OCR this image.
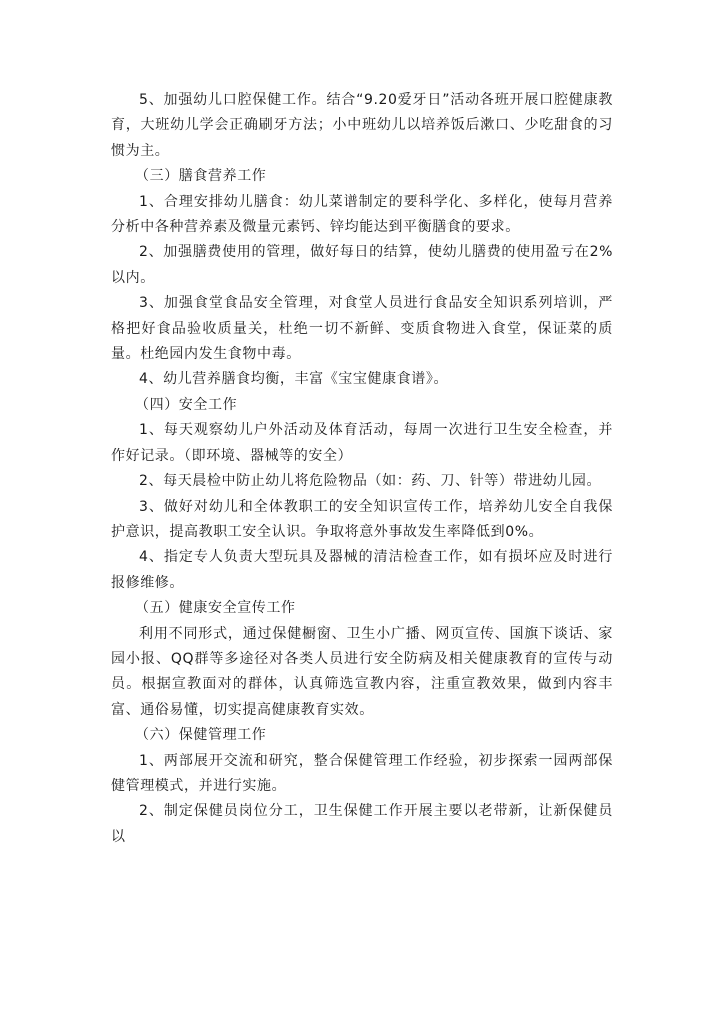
5、加强幼儿口腔保健工作。结合“9.20爱牙日”活动各班开展口腔健康教育，大班幼儿学会正确刷牙方法；小中班幼儿以培养饭后漱口、少吃甜食的习惯为主。

（三）膳食营养工作

1、合理安排幼儿膳食：幼儿菜谱制定的要科学化、多样化，使每月营养分析中各种营养素及微量元素钙、锌均能达到平衡膳食的要求。

2、加强膳费使用的管理，做好每日的结算，使幼儿膳费的使用盈亏在2%以内。

3、加强食堂食品安全管理，对食堂人员进行食品安全知识系列培训，严格把好食品验收质量关，杜绝一切不新鲜、变质食物进入食堂，保证菜的质量。杜绝园内发生食物中毒。

4、幼儿营养膳食均衡，丰富《宝宝健康食谱》。

（四）安全工作

1、每天观察幼儿户外活动及体育活动，每周一次进行卫生安全检查，并作好记录。（即环境、器械等的安全）

2、每天晨检中防止幼儿将危险物品（如：药、刀、针等）带进幼儿园。

3、做好对幼儿和全体教职工的安全知识宣传工作，培养幼儿安全自我保护意识，提高教职工安全认识。争取将意外事故发生率降低到0%。

4、指定专人负责大型玩具及器械的清洁检查工作，如有损坏应及时进行报修维修。

（五）健康安全宣传工作

利用不同形式，通过保健橱窗、卫生小广播、网页宣传、国旗下谈话、家园小报、QQ群等多途径对各类人员进行安全防病及相关健康教育的宣传与动员。根据宣教面对的群体，认真筛选宣教内容，注重宣教效果，做到内容丰富、通俗易懂，切实提高健康教育实效。

（六）保健管理工作

1、两部展开交流和研究，整合保健管理工作经验，初步探索一园两部保健管理模式，并进行实施。

2、制定保健员岗位分工，卫生保健工作开展主要以老带新，让新保健员以
